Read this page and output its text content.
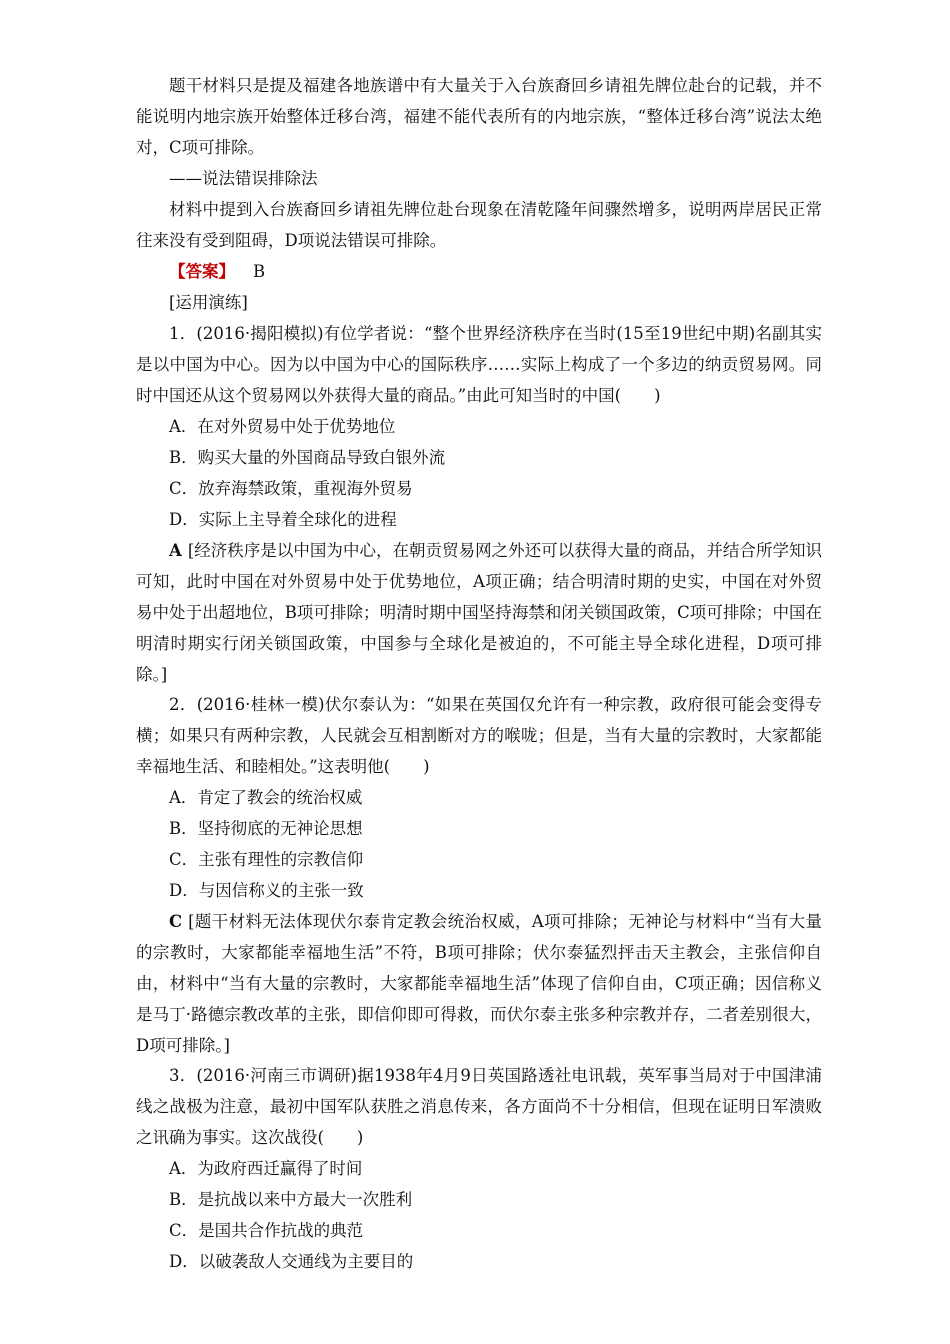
题干材料只是提及福建各地族谱中有大量关于入台族裔回乡请祖先牌位赴台的记载，并不能说明内地宗族开始整体迁移台湾，福建不能代表所有的内地宗族，“整体迁移台湾”说法太绝对，C项可排除。

——说法错误排除法

材料中提到入台族裔回乡请祖先牌位赴台现象在清乾隆年间骤然增多，说明两岸居民正常往来没有受到阻碍，D项说法错误可排除。

【答案】 B

[运用演练]

1．(2016·揭阳模拟)有位学者说：“整个世界经济秩序在当时(15至19世纪中期)名副其实是以中国为中心。因为以中国为中心的国际秩序……实际上构成了一个多边的纳贡贸易网。同时中国还从这个贸易网以外获得大量的商品。”由此可知当时的中国(　　)

A．在对外贸易中处于优势地位

B．购买大量的外国商品导致白银外流

C．放弃海禁政策，重视海外贸易

D．实际上主导着全球化的进程

A [经济秩序是以中国为中心，在朝贡贸易网之外还可以获得大量的商品，并结合所学知识可知，此时中国在对外贸易中处于优势地位，A项正确；结合明清时期的史实，中国在对外贸易中处于出超地位，B项可排除；明清时期中国坚持海禁和闭关锁国政策，C项可排除；中国在明清时期实行闭关锁国政策，中国参与全球化是被迫的，不可能主导全球化进程，D项可排除。]

2．(2016·桂林一模)伏尔泰认为：“如果在英国仅允许有一种宗教，政府很可能会变得专横；如果只有两种宗教，人民就会互相割断对方的喉咙；但是，当有大量的宗教时，大家都能幸福地生活、和睦相处。”这表明他(　　)

A．肯定了教会的统治权威

B．坚持彻底的无神论思想

C．主张有理性的宗教信仰

D．与因信称义的主张一致

C [题干材料无法体现伏尔泰肯定教会统治权威，A项可排除；无神论与材料中“当有大量的宗教时，大家都能幸福地生活”不符，B项可排除；伏尔泰猛烈抨击天主教会，主张信仰自由，材料中“当有大量的宗教时，大家都能幸福地生活”体现了信仰自由，C项正确；因信称义是马丁·路德宗教改革的主张，即信仰即可得救，而伏尔泰主张多种宗教并存，二者差别很大，D项可排除。]

3．(2016·河南三市调研)据1938年4月9日英国路透社电讯载，英军事当局对于中国津浦线之战极为注意，最初中国军队获胜之消息传来，各方面尚不十分相信，但现在证明日军溃败之讯确为事实。这次战役(　　)

A．为政府西迁赢得了时间

B．是抗战以来中方最大一次胜利

C．是国共合作抗战的典范

D．以破袭敌人交通线为主要目的
